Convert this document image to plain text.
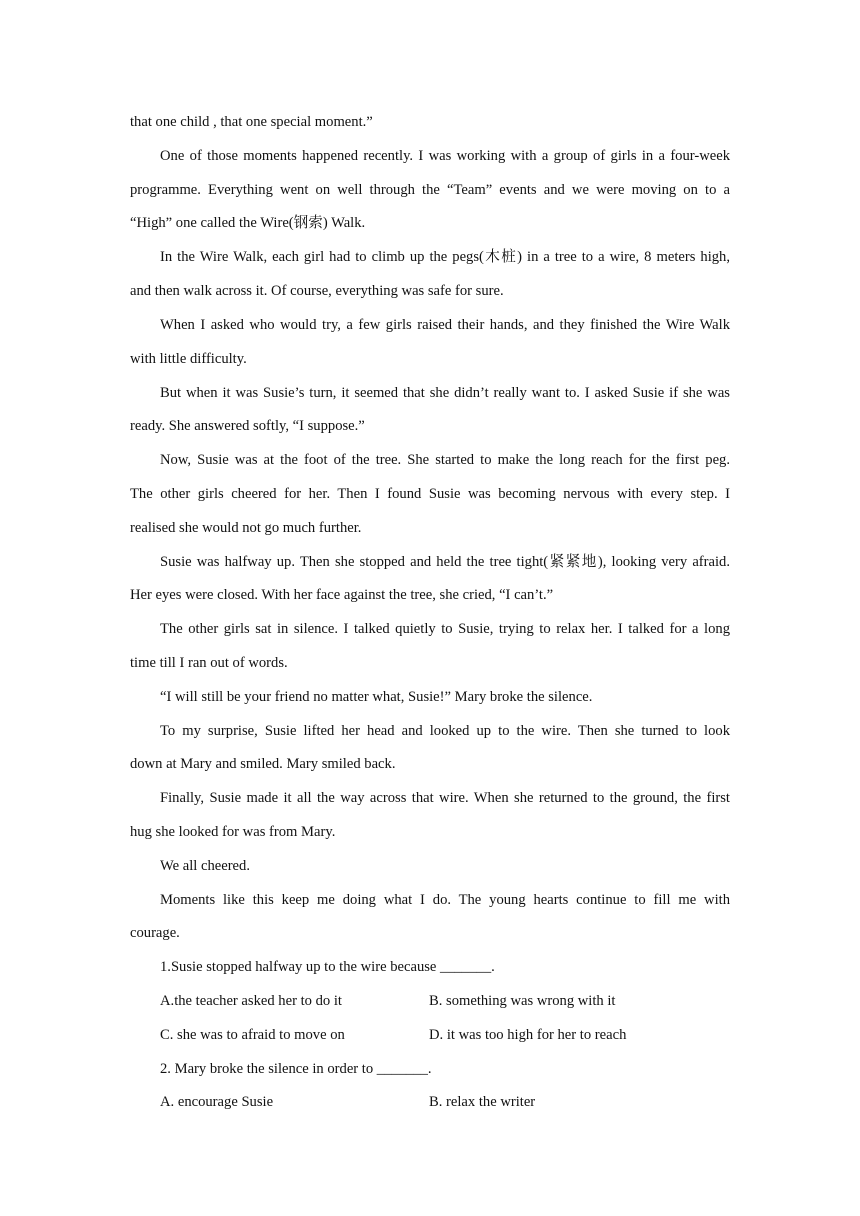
that one child , that one special moment.”
One of those moments happened recently. I was working with a group of girls in a four-week
programme. Everything went on well through the “Team” events and we were moving on to a
“High” one called the Wire(钢索) Walk.
In the Wire Walk, each girl had to climb up the pegs(木桩) in a tree to a wire, 8 meters high,
and then walk across it. Of course, everything was safe for sure.
When I asked who would try, a few girls raised their hands, and they finished the Wire Walk
with little difficulty.
But when it was Susie’s turn, it seemed that she didn’t really want to. I asked Susie if she was
ready. She answered softly, “I suppose.”
Now, Susie was at the foot of the tree. She started to make the long reach for the first peg.
The other girls cheered for her. Then I found Susie was becoming nervous with every step. I
realised she would not go much further.
Susie was halfway up. Then she stopped and held the tree tight(紧紧地), looking very afraid.
Her eyes were closed. With her face against the tree, she cried, “I can’t.”
The other girls sat in silence. I talked quietly to Susie, trying to relax her. I talked for a long
time till I ran out of words.
“I will still be your friend no matter what, Susie!” Mary broke the silence.
To my surprise, Susie lifted her head and looked up to the wire. Then she turned to look
down at Mary and smiled. Mary smiled back.
Finally, Susie made it all the way across that wire. When she returned to the ground, the first
hug she looked for was from Mary.
We all cheered.
Moments like this keep me doing what I do. The young hearts continue to fill me with
courage.
1.Susie stopped halfway up to the wire because _______.
A.the teacher asked her to do it	B. something was wrong with it
C. she was to afraid to move on	D. it was too high for her to reach
2. Mary broke the silence in order to _______.
A. encourage Susie	B. relax the writer
